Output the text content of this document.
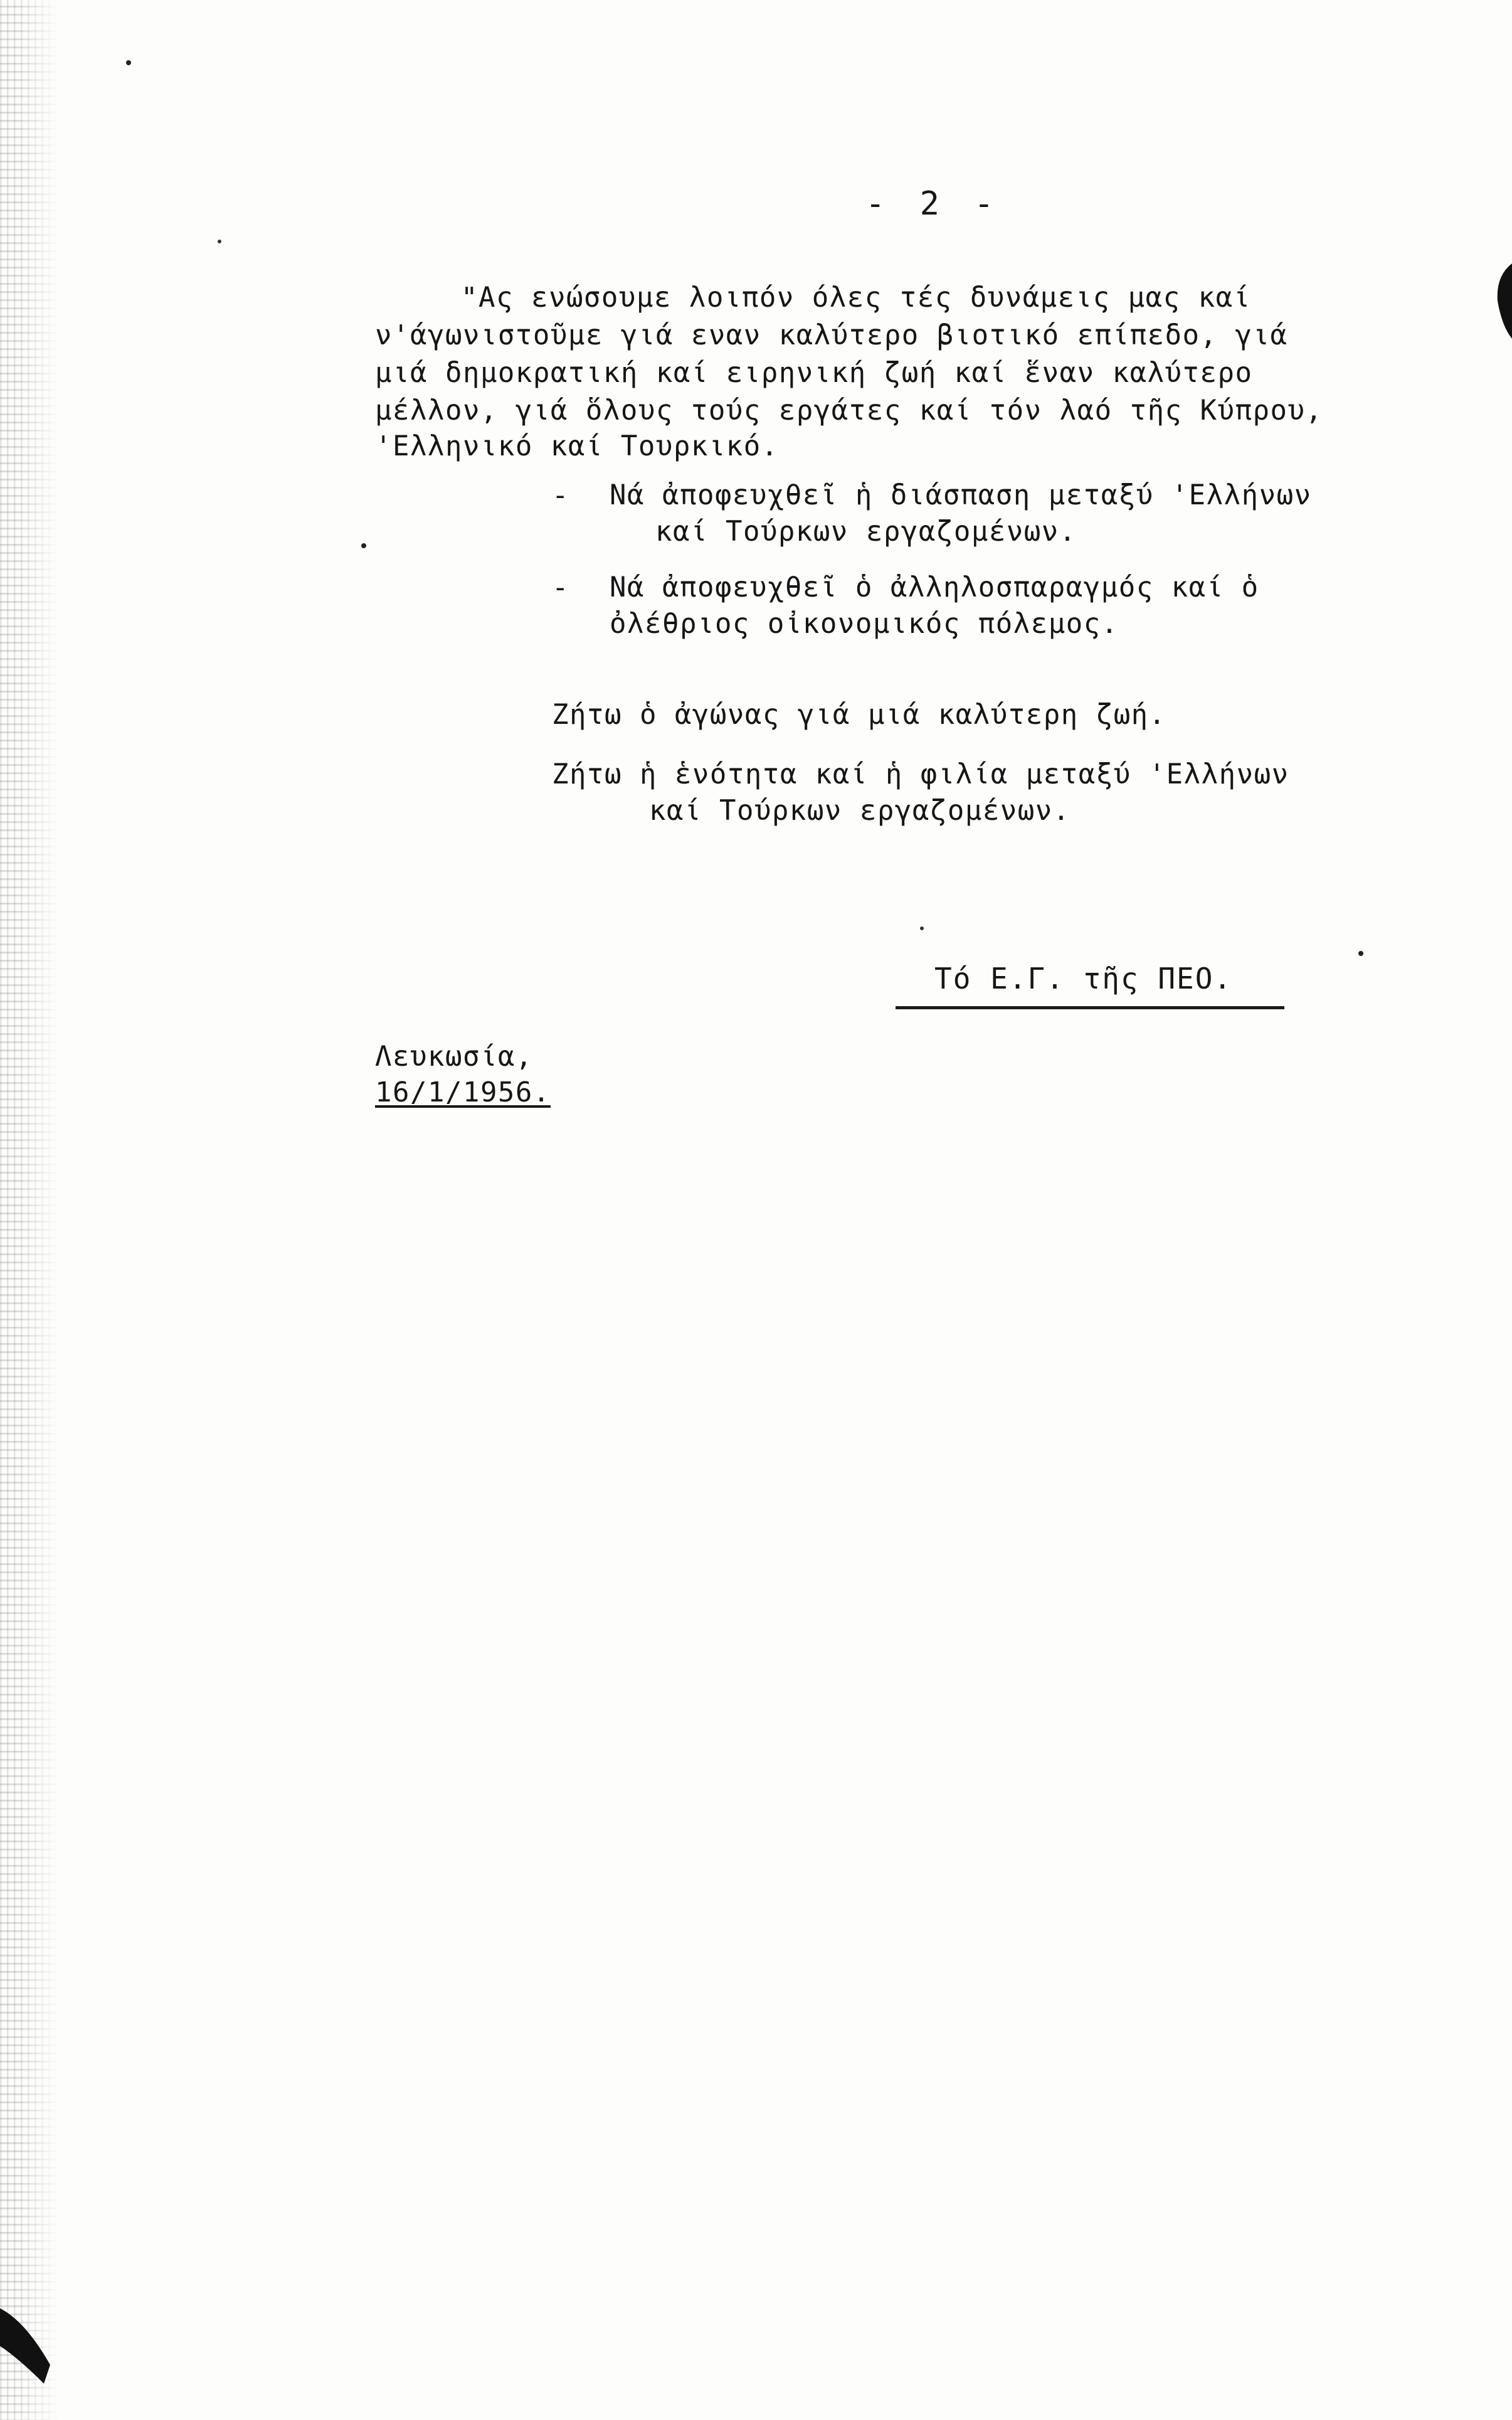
- 2 -
"Ας ενώσουμε λοιπόν όλες τές δυνάμεις μας καί
ν'άγωνιστοῦμε γιά εναν καλύτερο βιοτικό επίπεδο, γιά
μιά δημοκρατική καί ειρηνική ζωή καί ἕναν καλύτερο
μέλλον, γιά ὅλους τούς εργάτες καί τόν λαό τῆς Κύπρου,
'Ελληνικό καί Τουρκικό.
- Νά ἀποφευχθεῖ ἡ διάσπαση μεταξύ 'Ελλήνων
καί Τούρκων εργαζομένων.
- Νά ἀποφευχθεῖ ὁ ἀλληλοσπαραγμός καί ὁ
ὀλέθριος οἰκονομικός πόλεμος.
Ζήτω ὁ ἀγώνας γιά μιά καλύτερη ζωή.
Ζήτω ἡ ἑνότητα καί ἡ φιλία μεταξύ 'Ελλήνων
καί Τούρκων εργαζομένων.
Τό Ε.Γ. τῆς ΠΕΟ.
Λευκωσία,
16/1/1956.
